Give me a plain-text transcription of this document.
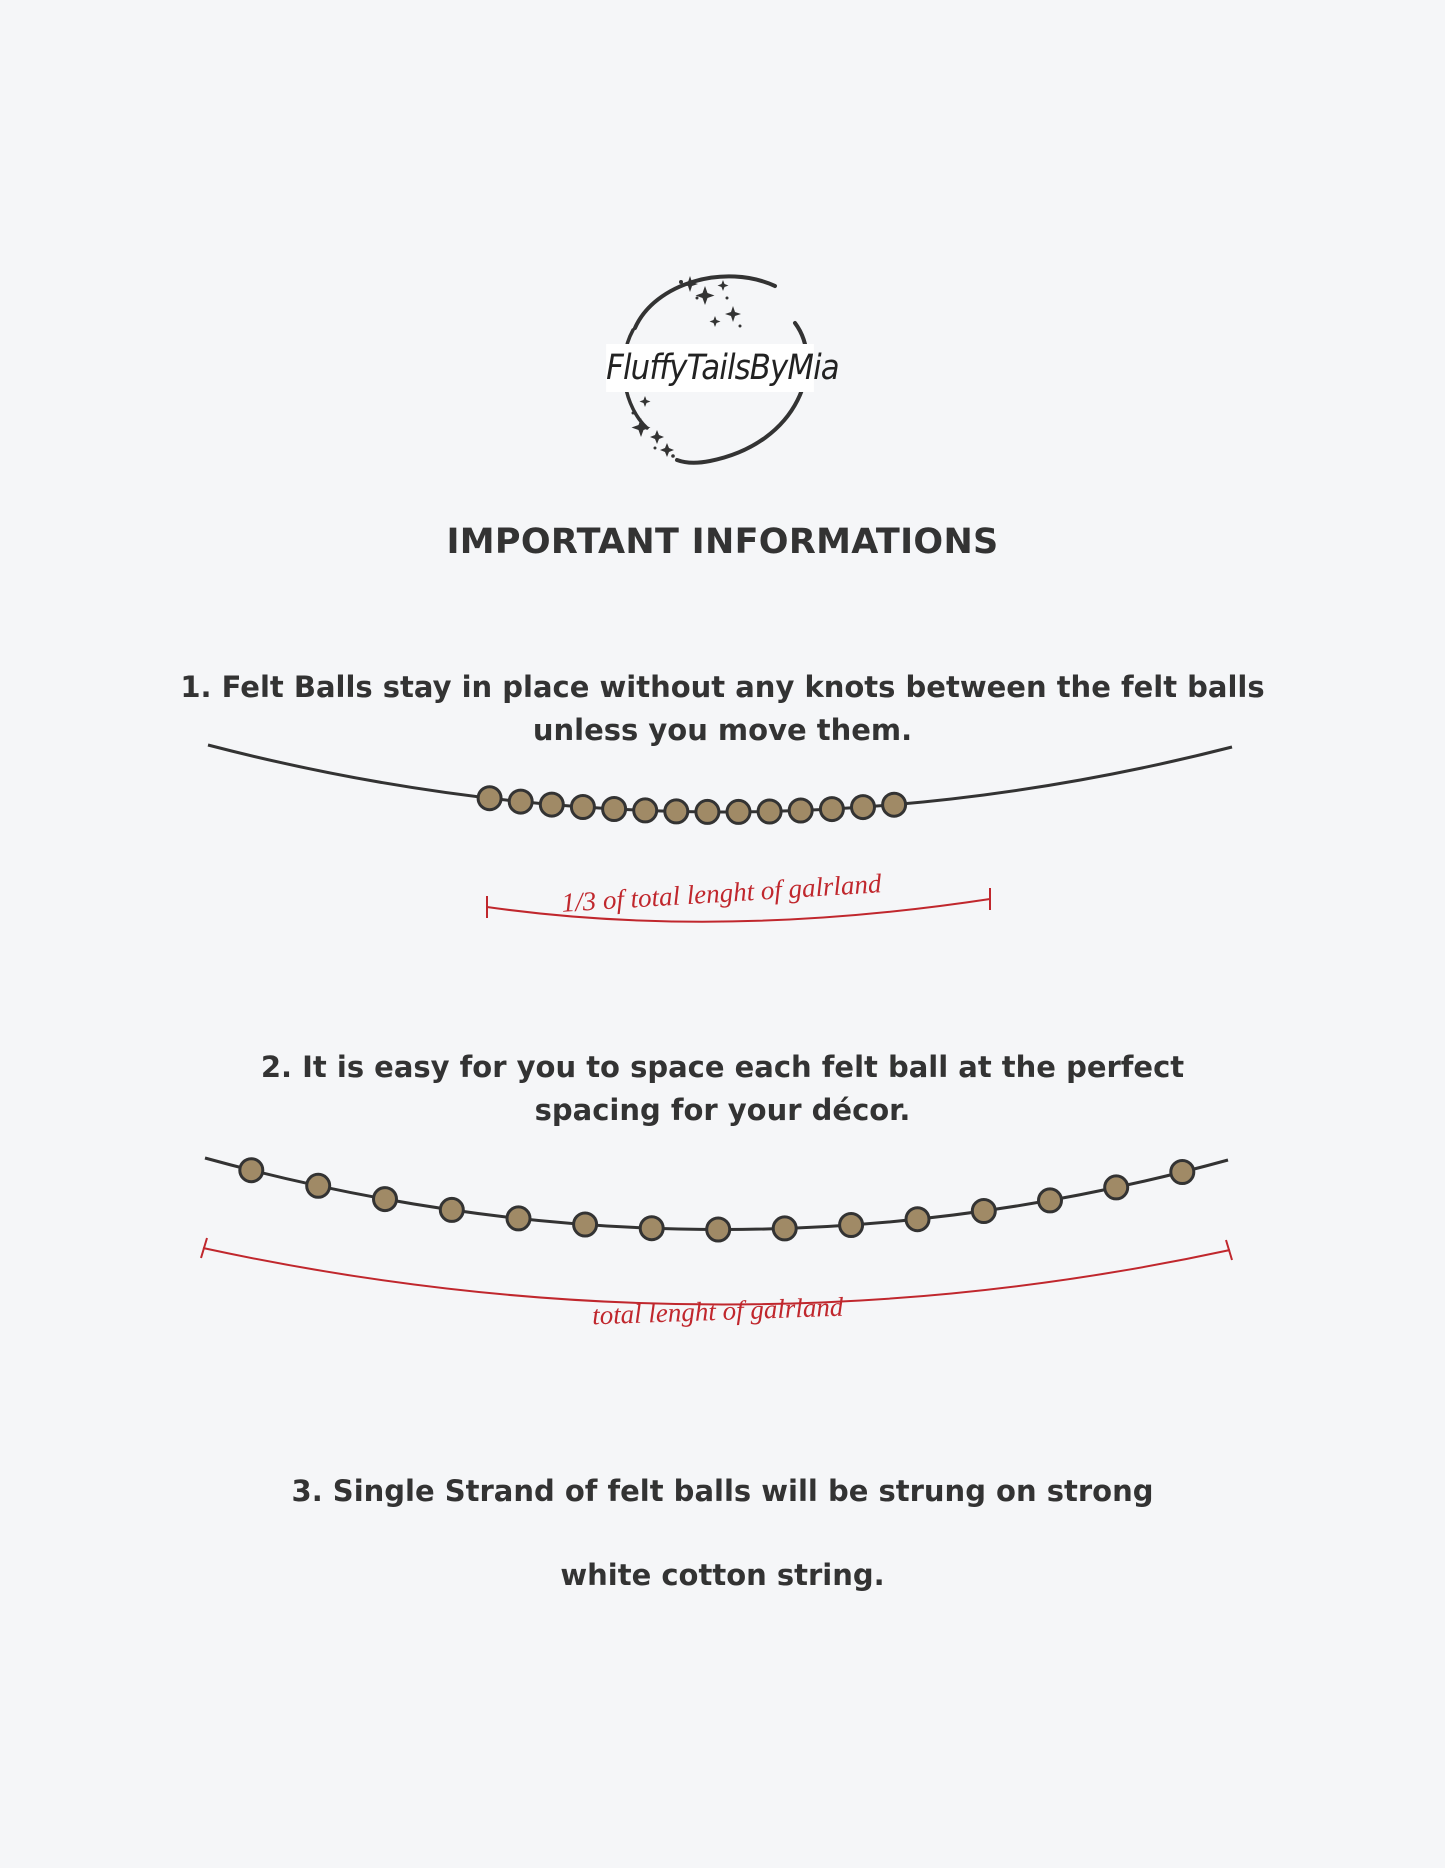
FluffyTailsByMia
IMPORTANT INFORMATIONS
1. Felt Balls stay in place without any knots between the felt balls
unless you move them.
1/3 of total lenght of galrland
2. It is easy for you to space each felt ball at the perfect
spacing for your décor.
total lenght of galrland
3. Single Strand of felt balls will be strung on strong
white cotton string.
